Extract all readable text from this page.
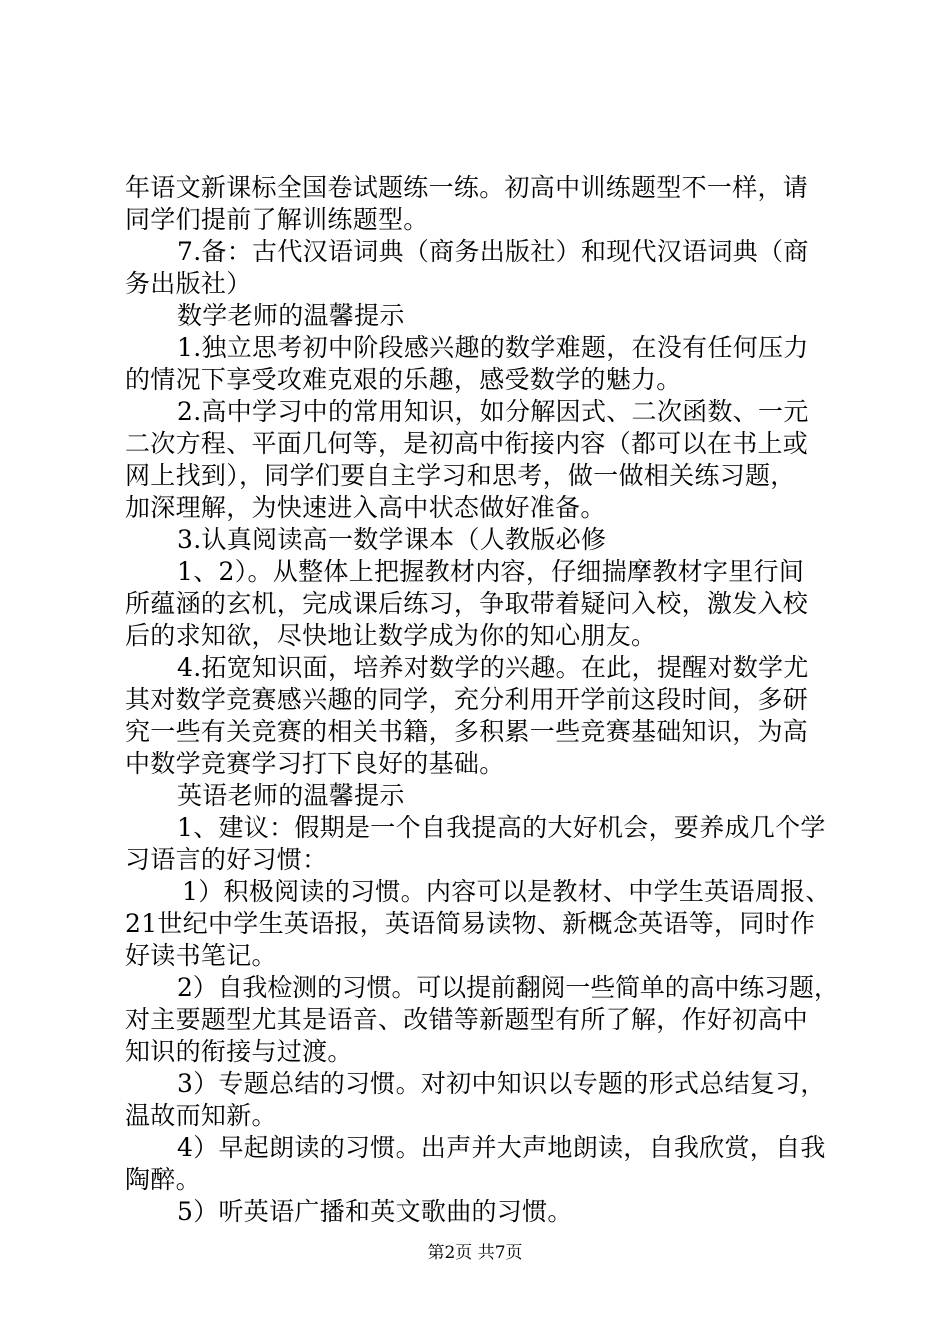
年语文新课标全国卷试题练一练。初高中训练题型不一样，请
同学们提前了解训练题型。
7.备：古代汉语词典（商务出版社）和现代汉语词典（商
务出版社）
数学老师的温馨提示
1.独立思考初中阶段感兴趣的数学难题，在没有任何压力
的情况下享受攻难克艰的乐趣，感受数学的魅力。
2.高中学习中的常用知识，如分解因式、二次函数、一元
二次方程、平面几何等，是初高中衔接内容（都可以在书上或
网上找到），同学们要自主学习和思考，做一做相关练习题，
加深理解，为快速进入高中状态做好准备。
3.认真阅读高一数学课本（人教版必修
1、2）。从整体上把握教材内容，仔细揣摩教材字里行间
所蕴涵的玄机，完成课后练习，争取带着疑问入校，激发入校
后的求知欲，尽快地让数学成为你的知心朋友。
4.拓宽知识面，培养对数学的兴趣。在此，提醒对数学尤
其对数学竞赛感兴趣的同学，充分利用开学前这段时间，多研
究一些有关竞赛的相关书籍，多积累一些竞赛基础知识，为高
中数学竞赛学习打下良好的基础。
英语老师的温馨提示
1、建议：假期是一个自我提高的大好机会，要养成几个学
习语言的好习惯：
1）积极阅读的习惯。内容可以是教材、中学生英语周报、
21世纪中学生英语报，英语简易读物、新概念英语等，同时作
好读书笔记。
2）自我检测的习惯。可以提前翻阅一些简单的高中练习题，
对主要题型尤其是语音、改错等新题型有所了解，作好初高中
知识的衔接与过渡。
3）专题总结的习惯。对初中知识以专题的形式总结复习，
温故而知新。
4）早起朗读的习惯。出声并大声地朗读，自我欣赏，自我
陶醉。
5）听英语广播和英文歌曲的习惯。
第2页 共7页
